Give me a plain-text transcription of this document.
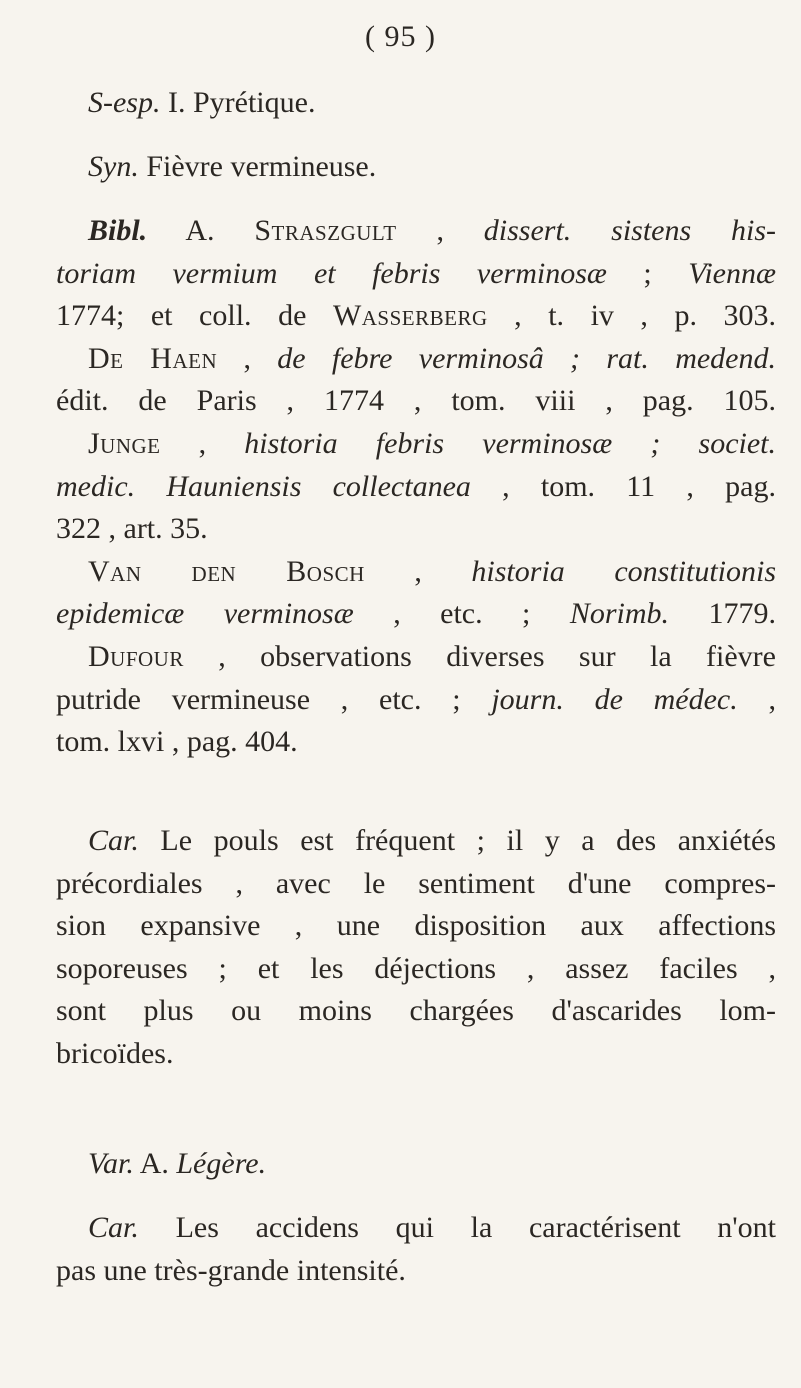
( 95 )
S-esp. I. Pyrétique.
Syn. Fièvre vermineuse.
Bibl. A. Straszgult , dissert. sistens his-
toriam vermium et febris verminosæ ; Viennæ
1774; et coll. de Wasserberg , t. iv , p. 303.
De Haen , de febre verminosâ ; rat. medend.
édit. de Paris , 1774 , tom. viii , pag. 105.
Junge , historia febris verminosæ ; societ.
medic. Hauniensis collectanea , tom. 11 , pag.
322 , art. 35.
Van den Bosch , historia constitutionis
epidemicæ verminosæ , etc. ; Norimb. 1779.
Dufour , observations diverses sur la fièvre
putride vermineuse , etc. ; journ. de médec. ,
tom. lxvi , pag. 404.
Car. Le pouls est fréquent ; il y a des anxiétés
précordiales , avec le sentiment d'une compres-
sion expansive , une disposition aux affections
soporeuses ; et les déjections , assez faciles ,
sont plus ou moins chargées d'ascarides lom-
bricoïdes.
Var. A. Légère.
Car. Les accidens qui la caractérisent n'ont
pas une très-grande intensité.
